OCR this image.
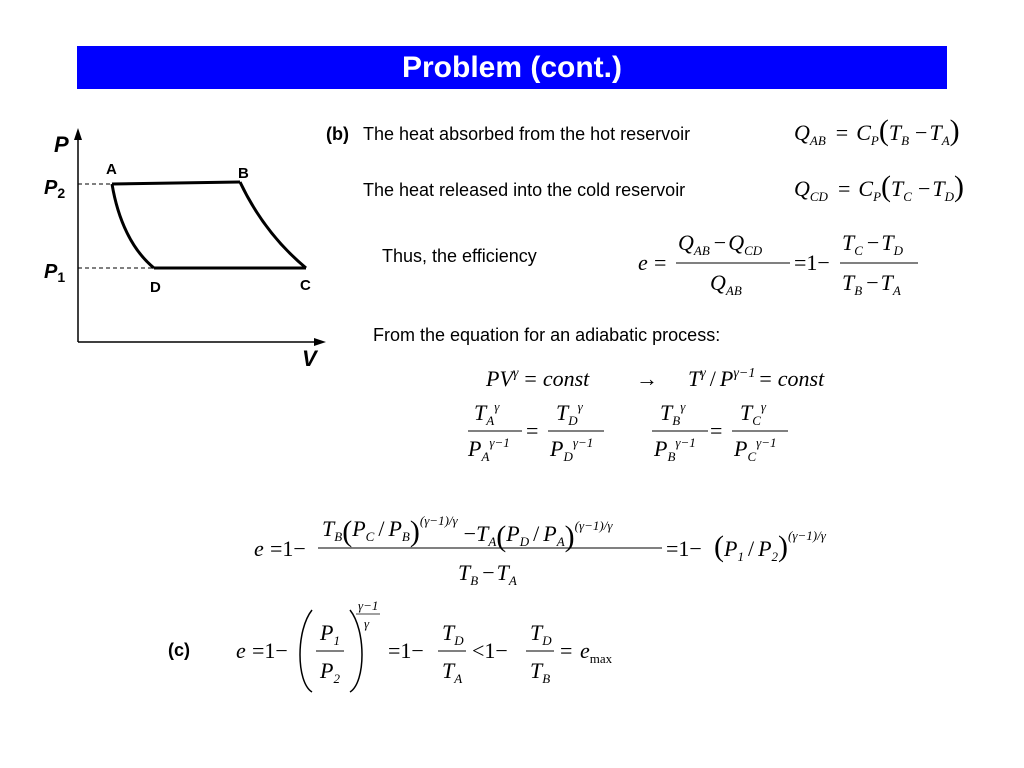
Problem (cont.)
P
V
$P_2$
$P_1$
A	B
C
D
(b) The heat absorbed from the hot reservoir
The heat released into the cold reservoir
Thus, the efficiency
From the equation for an adiabatic process:
$Q_{AB} = C_P(T_B -T_A)$
$Q_{CD} = C_P(T_C -T_D)$
e =
$Q_{AB} -Q_{CD}$
$Q_{AB}$
=1−
$T_C -T_D$
$T_B -T_A$
$PV^\gamma$ = const → $T^\gamma / P^{\gamma-1}$ = const
$T_A^\gamma$
$P_A^{\gamma-1}$ =
$T_D^\gamma$
$P_D^{\gamma-1}$
$T_B^\gamma$
$P_B^{\gamma-1}$ =
$T_C^\gamma$
$P_C^{\gamma-1}$
e =1−
$T_B(P_C / P_B)^{(\gamma-1)/\gamma}-T_A(P_D / P_A)^{(\gamma-1)/\gamma}$
$T_B -T_A$
$=1- (P_1 / P_2)^{(\gamma-1)/\gamma}$
(c) e =1−
$P_1$
$P_2$
γ−1
γ
=1−
$T_D$
$T_A$
<1−
$T_D$
$T_B$
= $e_{max}$
